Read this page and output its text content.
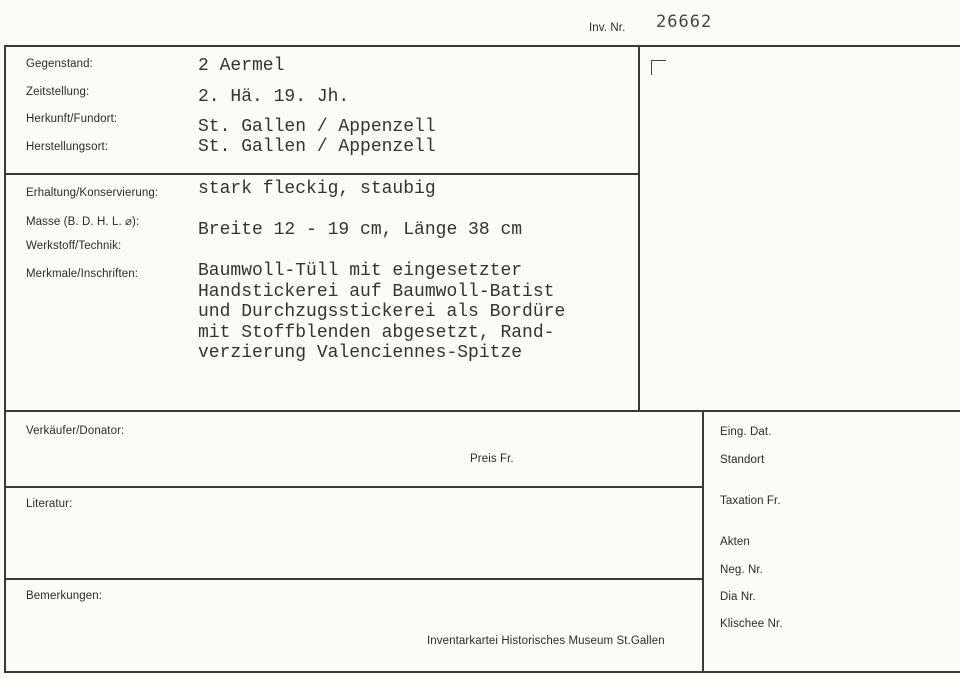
Inv. Nr. 26662
Gegenstand:	2 Aermel
Zeitstellung:	2. Hä. 19. Jh.
Herkunft/Fundort:	St. Gallen / Appenzell
Herstellungsort:	St. Gallen / Appenzell
Erhaltung/Konservierung: stark fleckig, staubig
Masse (B. D. H. L. ⌀):	Breite 12 - 19 cm, Länge 38 cm
Werkstoff/Technik:
Merkmale/Inschriften:	Baumwoll-Tüll mit eingesetzter
Handstickerei auf Baumwoll-Batist
und Durchzugsstickerei als Bordüre
mit Stoffblenden abgesetzt, Rand-
verzierung Valenciennes-Spitze
Verkäufer/Donator:
Preis Fr.
Literatur:
Bemerkungen:
Inventarkartei Historisches Museum St.Gallen
Eing. Dat.
Standort
Taxation Fr.
Akten
Neg. Nr.
Dia Nr.
Klischee Nr.
